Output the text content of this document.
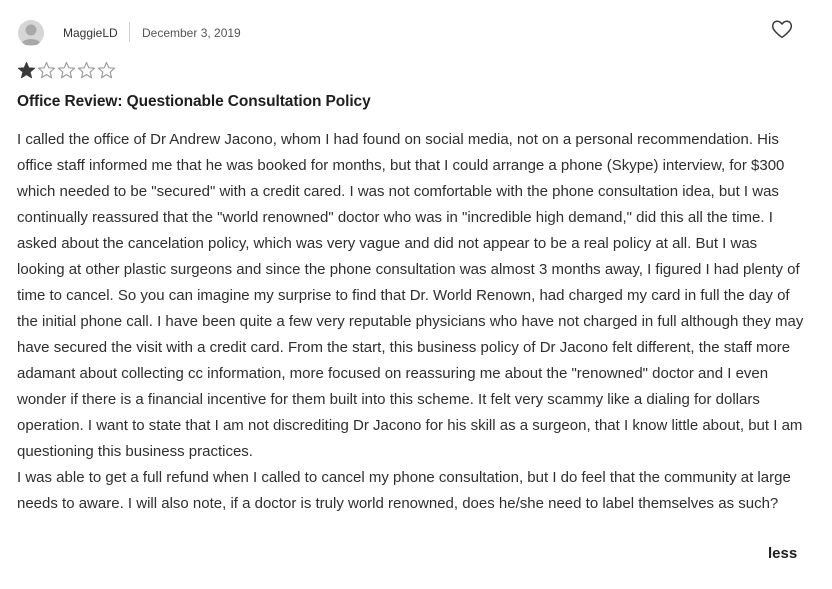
MaggieLD December 3, 2019
Office Review: Questionable Consultation Policy

I called the office of Dr Andrew Jacono, whom I had found on social media, not on a personal recommendation. His office staff informed me that he was booked for months, but that I could arrange a phone (Skype) interview, for $300 which needed to be "secured" with a credit cared. I was not comfortable with the phone consultation idea, but I was continually reassured that the "world renowned" doctor who was in "incredible high demand," did this all the time. I asked about the cancelation policy, which was very vague and did not appear to be a real policy at all. But I was looking at other plastic surgeons and since the phone consultation was almost 3 months away, I figured I had plenty of time to cancel. So you can imagine my surprise to find that Dr. World Renown, had charged my card in full the day of the initial phone call. I have been quite a few very reputable physicians who have not charged in full although they may have secured the visit with a credit card. From the start, this business policy of Dr Jacono felt different, the staff more adamant about collecting cc information, more focused on reassuring me about the "renowned" doctor and I even wonder if there is a financial incentive for them built into this scheme. It felt very scammy like a dialing for dollars operation. I want to state that I am not discrediting Dr Jacono for his skill as a surgeon, that I know little about, but I am questioning this business practices.

I was able to get a full refund when I called to cancel my phone consultation, but I do feel that the community at large needs to aware. I will also note, if a doctor is truly world renowned, does he/she need to label themselves as such?

less
